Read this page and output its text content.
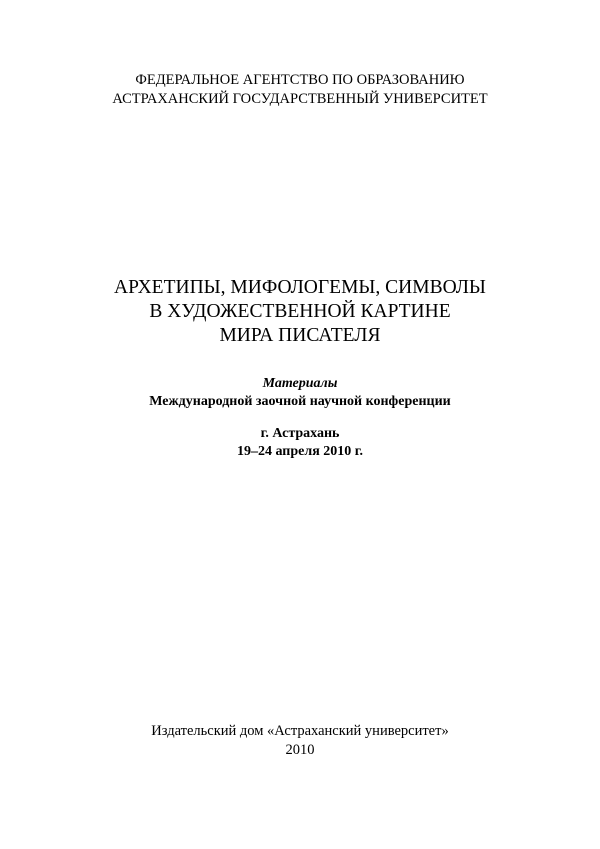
ФЕДЕРАЛЬНОЕ АГЕНТСТВО ПО ОБРАЗОВАНИЮ
АСТРАХАНСКИЙ ГОСУДАРСТВЕННЫЙ УНИВЕРСИТЕТ
АРХЕТИПЫ, МИФОЛОГЕМЫ, СИМВОЛЫ
В ХУДОЖЕСТВЕННОЙ КАРТИНЕ
МИРА ПИСАТЕЛЯ
Материалы
Международной заочной научной конференции
г. Астрахань
19–24 апреля 2010 г.
Издательский дом «Астраханский университет»
2010
